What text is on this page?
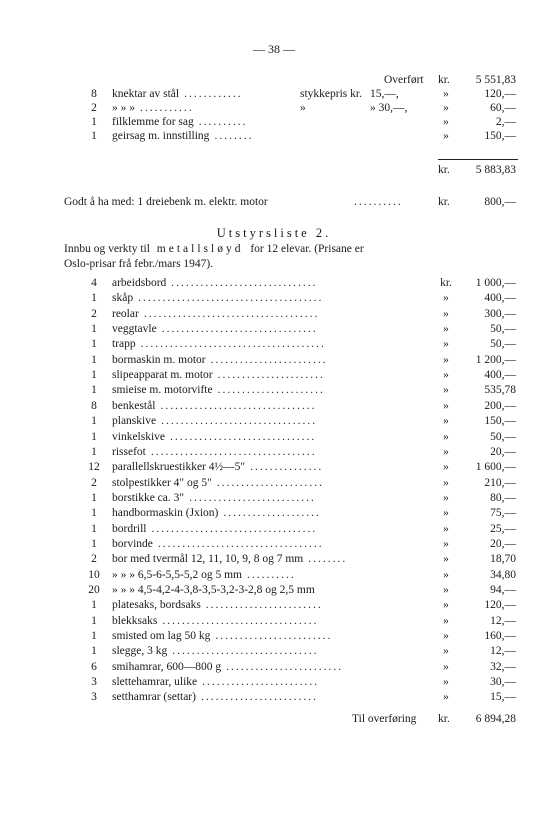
— 38 —
Overført kr. 5 551,83
8	knektar av stål ............	stykkepris kr. 15,—,	»	120,—
2	» » » ...........	»	» 30,—,	»	60,—
1	filklemme for sag ..........	»	2,—
1	geirsag m. innstilling ........	»	150,—
kr. 5 883,83
Godt å ha med: 1 dreiebenk m. elektr. motor	..........	kr.	800,—
Utstyrsliste 2.
Innbu og verkty til metallsløyd for 12 elevar. (Prisane er
Oslo-prisar frå febr./mars 1947).
4	arbeidsbord ..............................	kr.	1 000,—
1	skåp ......................................	»	400,—
2	reolar ....................................	»	300,—
1	veggtavle ................................	»	50,—
1	trapp ......................................	»	50,—
1	bormaskin m. motor ........................	»	1 200,—
1	slipeapparat m. motor ......................	»	400,—
1	smieise m. motorvifte ......................	»	535,78
8	benkestål ................................	»	200,—
1	planskive ................................	»	150,—
1	vinkelskive ..............................	»	50,—
1	rissefot ..................................	»	20,—
12	parallellskruestikker 4½—5" ...............	»	1 600,—
2	stolpestikker 4" og 5" ......................	»	210,—
1	borstikke ca. 3" ..........................	»	80,—
1	handbormaskin (Jxion) ....................	»	75,—
1	bordrill ..................................	»	25,—
1	borvinde ..................................	»	20,—
2	bor med tvermål 12, 11, 10, 9, 8 og 7 mm ........	»	18,70
10	» » » 6,5-6-5,5-5,2 og 5 mm ..........	»	34,80
20	» » » 4,5-4,2-4-3,8-3,5-3,2-3-2,8 og 2,5 mm	»	94,—
1	platesaks, bordsaks ........................	»	120,—
1	blekksaks ................................	»	12,—
1	smisted om lag 50 kg ........................	»	160,—
1	slegge, 3 kg ..............................	»	12,—
6	smihamrar, 600—800 g ........................	»	32,—
3	slettehamrar, ulike ........................	»	30,—
3	setthamrar (settar) ........................	»	15,—
Til overføring kr. 6 894,28
